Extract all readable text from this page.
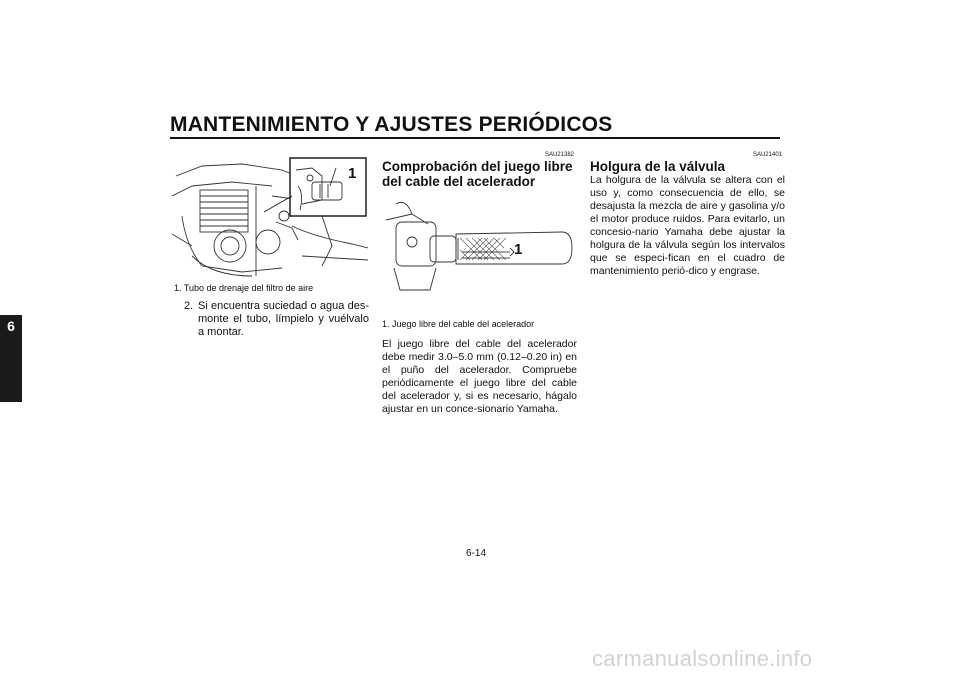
MANTENIMIENTO Y AJUSTES PERIÓDICOS
6
1
1. Tubo de drenaje del filtro de aire
2. Si encuentra suciedad o agua des-monte el tubo, límpielo y vuélvalo a montar.
SAU21382
Comprobación del juego libre del cable del acelerador
1
1. Juego libre del cable del acelerador
El juego libre del cable del acelerador debe medir 3.0–5.0 mm (0.12–0.20 in) en el puño del acelerador. Compruebe periódicamente el juego libre del cable del acelerador y, si es necesario, hágalo ajustar en un conce-sionario Yamaha.
SAU21401
Holgura de la válvula
La holgura de la válvula se altera con el uso y, como consecuencia de ello, se desajusta la mezcla de aire y gasolina y/o el motor produce ruidos. Para evitarlo, un concesio-nario Yamaha debe ajustar la holgura de la válvula según los intervalos que se especi-fican en el cuadro de mantenimiento perió-dico y engrase.
6-14
carmanualsonline.info
